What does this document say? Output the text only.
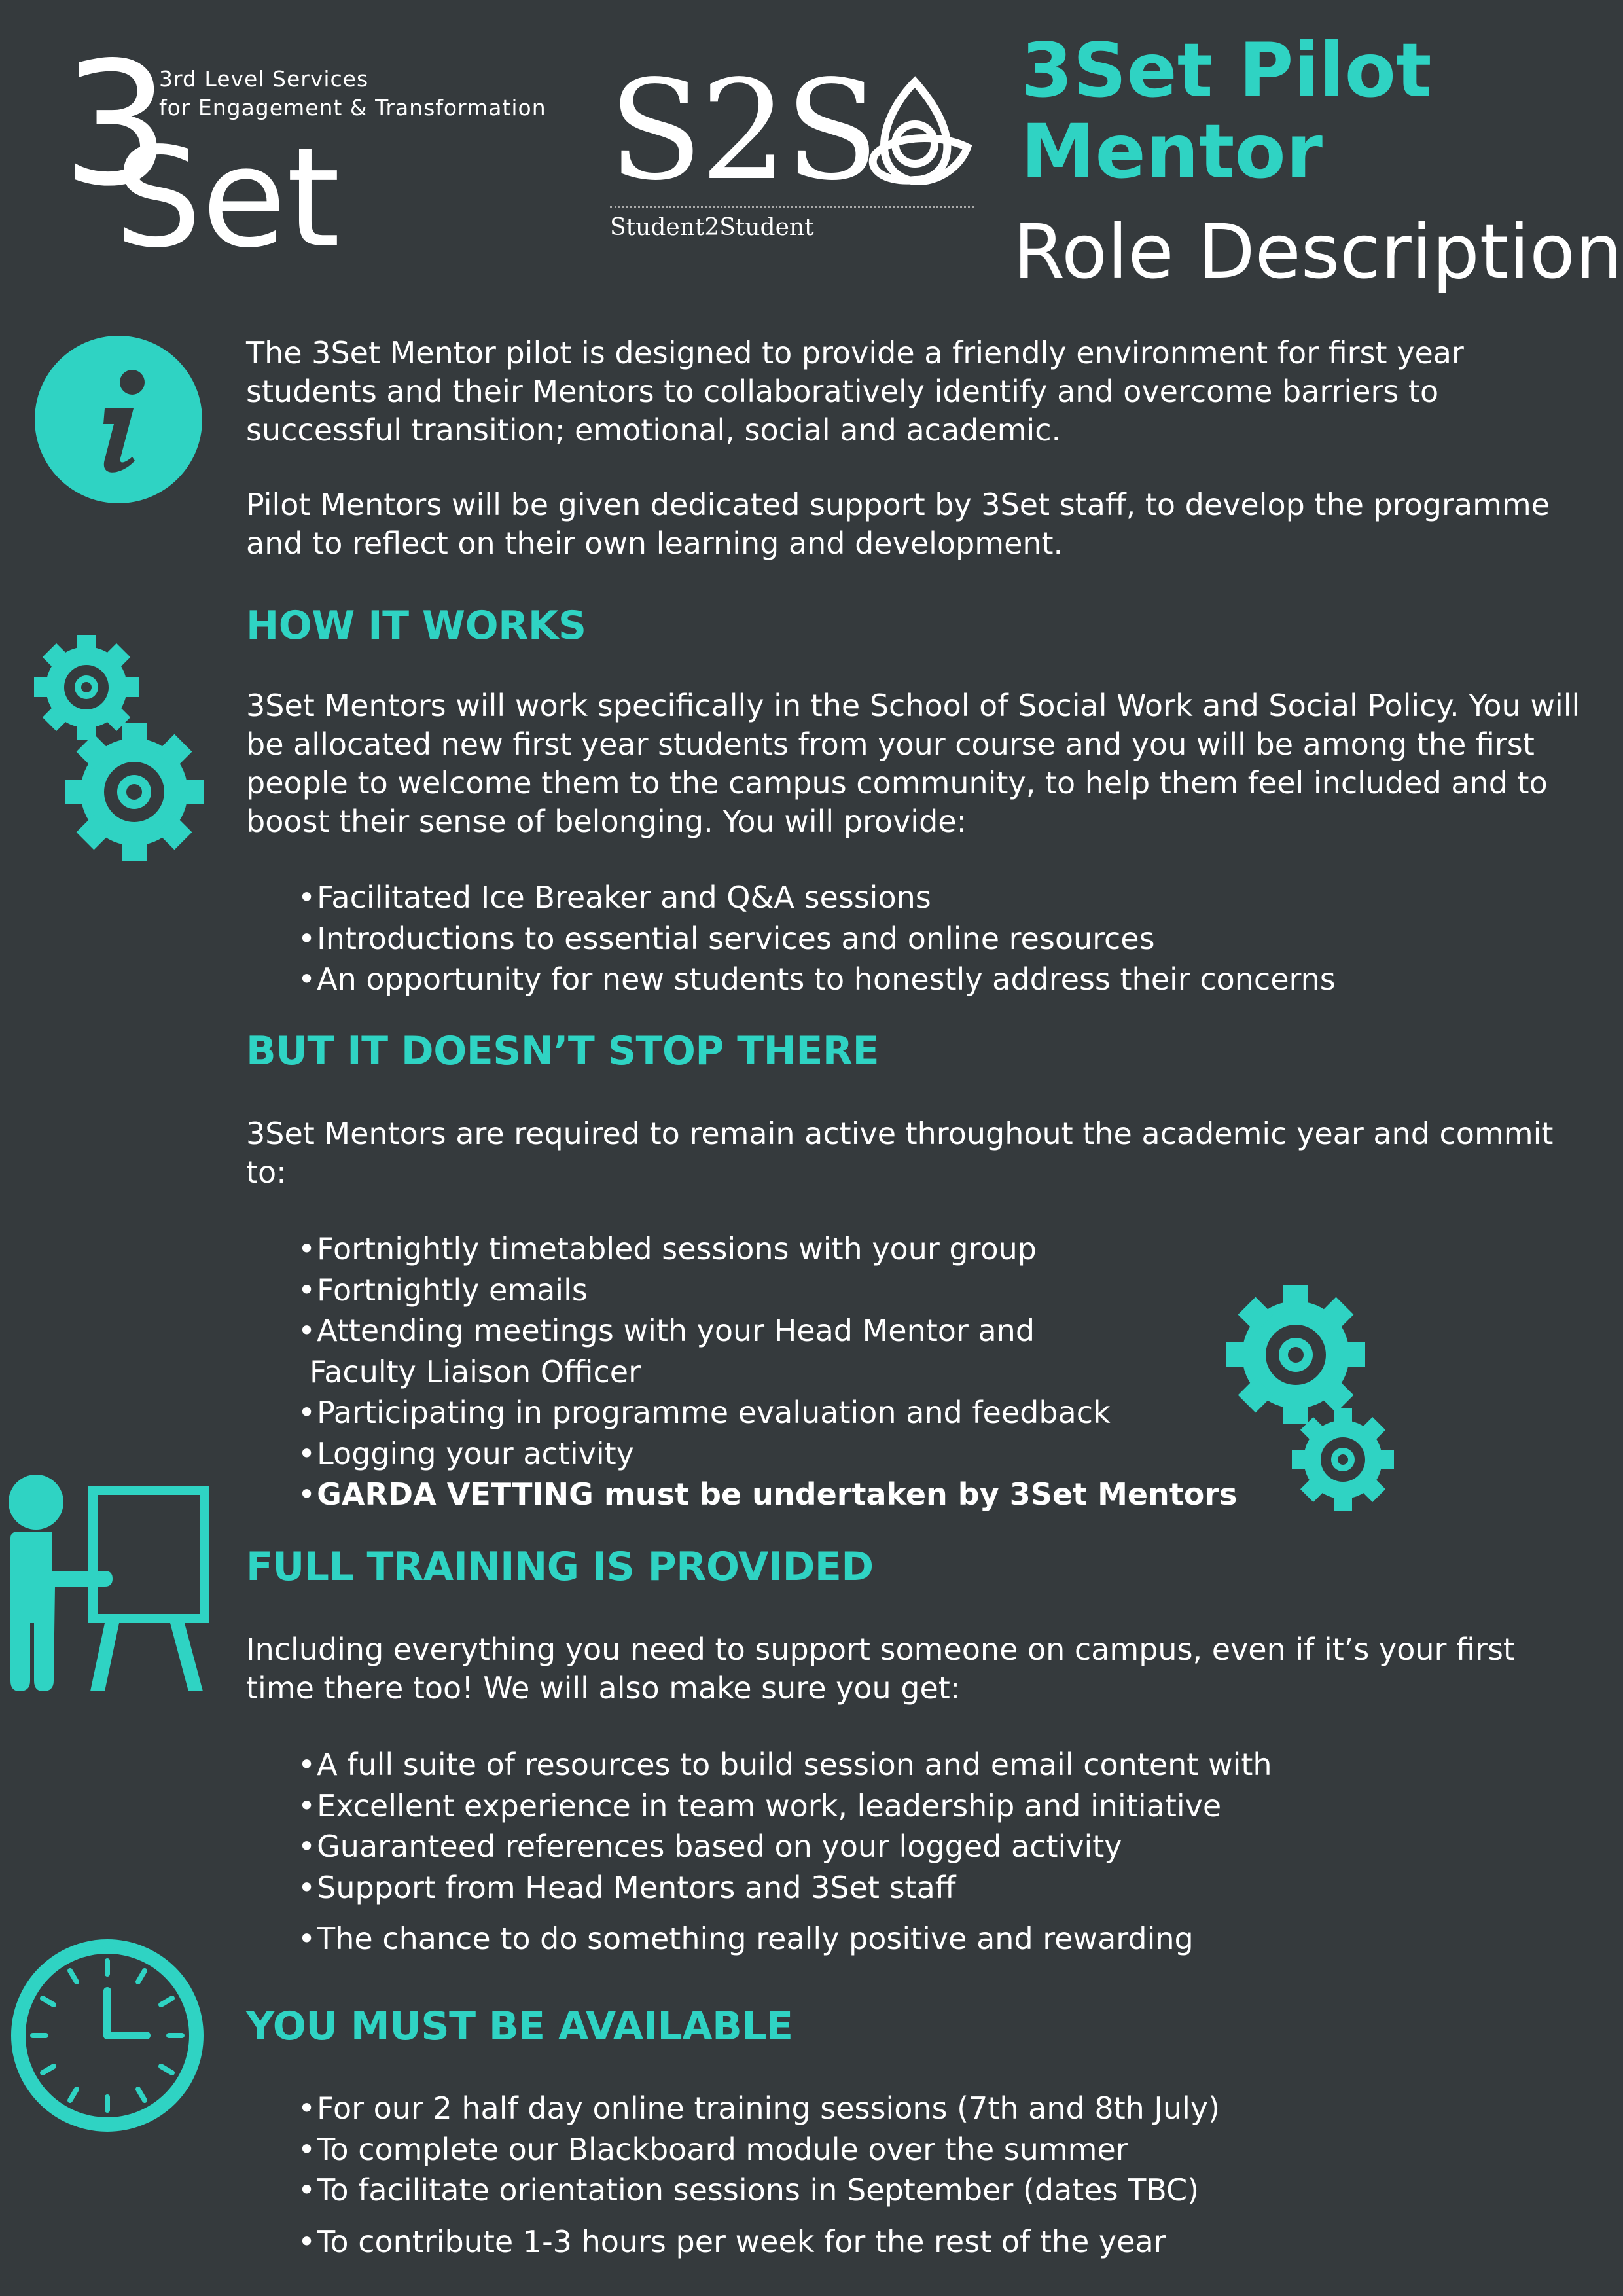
3
Set
3rd Level Services
for Engagement & Transformation S2S
Student2Student
3Set Pilot
Mentor
Role Description
The 3Set Mentor pilot is designed to provide a friendly environment for first year students and their Mentors to collaboratively identify and overcome barriers to successful transition; emotional, social and academic.
Pilot Mentors will be given dedicated support by 3Set staff, to develop the programme and to reflect on their own learning and development.
HOW IT WORKS
3Set Mentors will work specifically in the School of Social Work and Social Policy. You will be allocated new first year students from your course and you will be among the first people to welcome them to the campus community, to help them feel included and to boost their sense of belonging. You will provide:
•Facilitated Ice Breaker and Q&A sessions
•Introductions to essential services and online resources
•An opportunity for new students to honestly address their concerns
BUT IT DOESN’T STOP THERE
3Set Mentors are required to remain active throughout the academic year and commit to:
•Fortnightly timetabled sessions with your group
•Fortnightly emails
•Attending meetings with your Head Mentor and
Faculty Liaison Officer
•Participating in programme evaluation and feedback
•Logging your activity
•GARDA VETTING must be undertaken by 3Set Mentors
FULL TRAINING IS PROVIDED
Including everything you need to support someone on campus, even if it’s your first time there too! We will also make sure you get:
•A full suite of resources to build session and email content with
•Excellent experience in team work, leadership and initiative
•Guaranteed references based on your logged activity
•Support from Head Mentors and 3Set staff
•The chance to do something really positive and rewarding
YOU MUST BE AVAILABLE
•For our 2 half day online training sessions (7th and 8th July)
•To complete our Blackboard module over the summer
•To facilitate orientation sessions in September (dates TBC)
•To contribute 1-3 hours per week for the rest of the year
